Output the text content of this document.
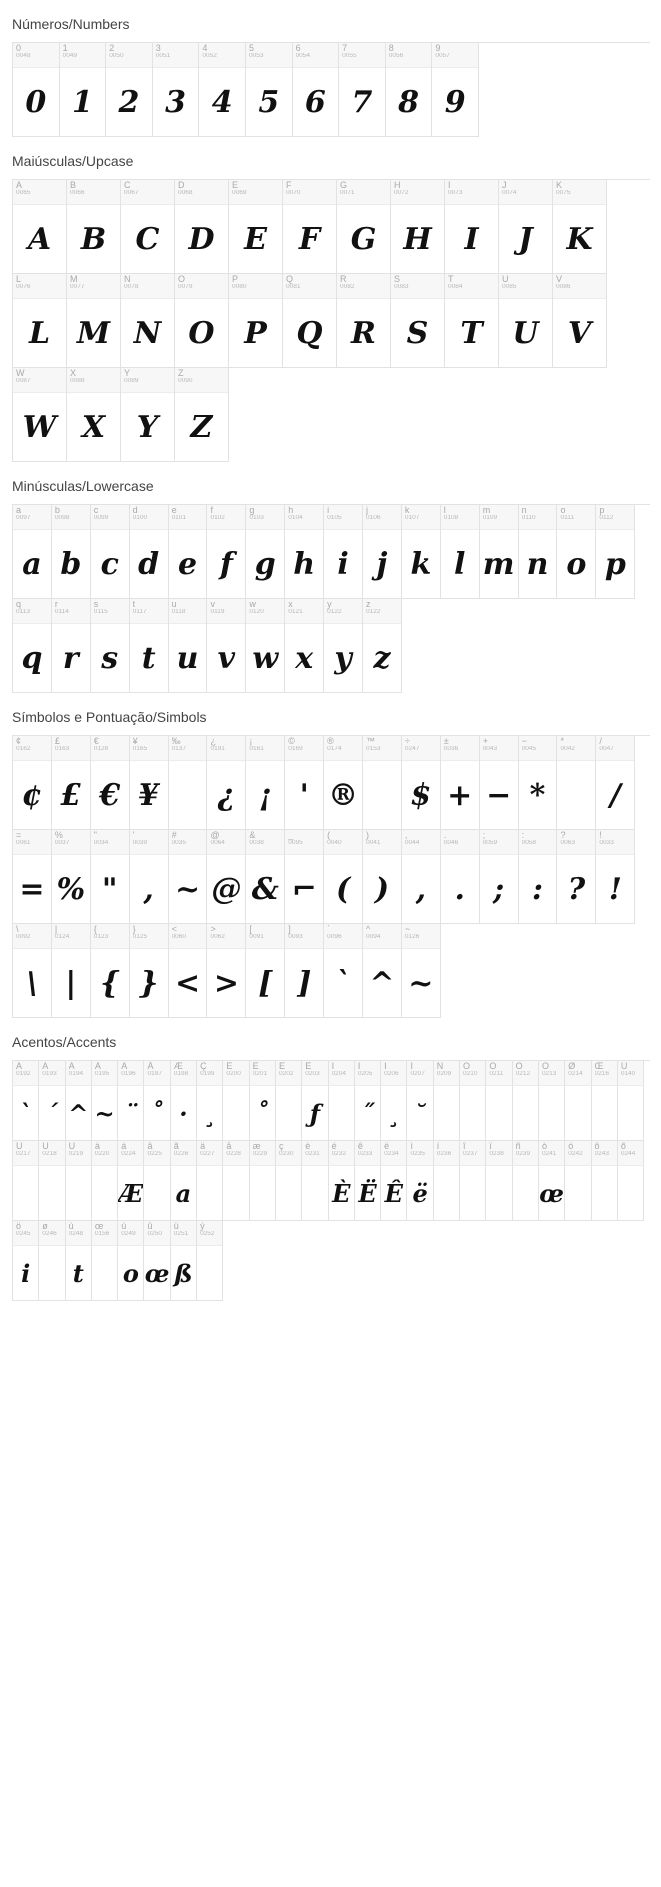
Números/Numbers
0
0048
0
1
0049
1
2
0050
2
3
0051
3
4
0052
4
5
0053
5
6
0054
6
7
0055
7
8
0056
8
9
0057
9
Maiúsculas/Upcase
A
0065
A
B
0066
B
C
0067
C
D
0068
D
E
0069
E
F
0070
F
G
0071
G
H
0072
H
I
0073
I
J
0074
J
K
0075
K
L
0076
L
M
0077
M
N
0078
N
O
0079
O
P
0080
P
Q
0081
Q
R
0082
R
S
0083
S
T
0084
T
U
0085
U
V
0086
V
W
0087
W
X
0088
X
Y
0089
Y
Z
0090
Z
Minúsculas/Lowercase
a
0097
a
b
0098
b
c
0099
c
d
0100
d
e
0101
e
f
0102
f
g
0103
g
h
0104
h
i
0105
i
j
0106
j
k
0107
k
l
0108
l
m
0109
m
n
0110
n
o
0111
o
p
0112
p
q
0113
q
r
0114
r
s
0115
s
t
0117
t
u
0118
u
v
0119
v
w
0120
w
x
0121
x
y
0122
y
z
0122
z
Símbolos e Pontuação/Simbols
¢
0162
¢
£
0163
£
€
0128
€
¥
0165
¥
‰
0137
¿
0191
¿
¡
0161
¡
©
0169
'
®
0174
®
™
0153
÷
0247
$
±
0036
+
+
0043
−
−
0045
*
*
0042
/
0047
/
=
0061
=
%
0037
%
"
0034
"
'
0039
,
#
0035
~
@
0064
@
&
0038
&
_
0095
⌐
(
0040
(
)
0041
)
,
0044
,
.
0046
.
;
0059
;
:
0058
:
?
0063
?
!
0033
!
\
0092
\
|
0124
|
{
0123
{
}
0125
}
<
0060
<
>
0062
>
[
0091
[
]
0093
]
`
0096
`
^
0094
^
~
0126
~
Acentos/Accents
À
0192
`
Á
0193
´
Â
0194
^
Ã
0195
~
Ä
0196
¨
Å
0197
˚
Æ
0198
·
Ç
0199
¸
È
0200
É
0201
˚
Ê
0202
Ë
0203
ƒ
Ì
0204
Í
0205
˝
Î
0206
¸
Ï
0207
˘
Ñ
0209
Ó
0210
Ô
0211
Õ
0212
Ö
0213
Ø
0214
Œ
0216
Ù
0140
Ú
0217
Û
0218
Ü
0219
à
0220
á
0224
Æ
â
0225
ã
0226
a
ä
0227
å
0228
æ
0229
ç
0230
è
0231
é
0232
È
ê
0233
Ë
ë
0234
Ê
ì
0235
ë
í
0236
î
0237
ï
0238
ñ
0239
ò
0241
œ
ó
0242
ô
0243
õ
0244
ö
0245
i
ø
0246
ù
0248
t
œ
0156
ú
0249
o
û
0250
œ
ü
0251
ß
ý
0252
